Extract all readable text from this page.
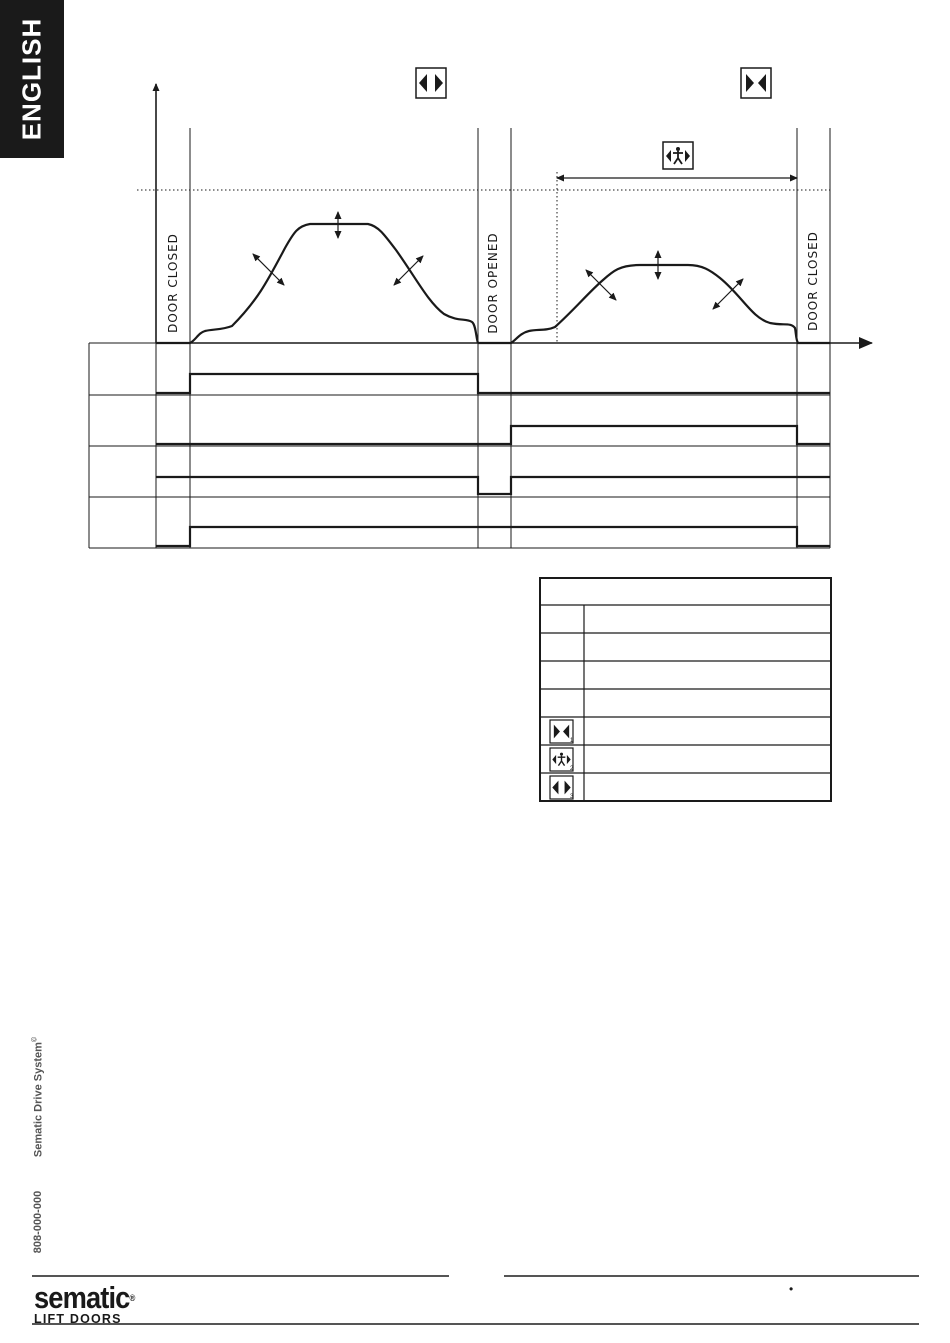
ENGLISH
1
2
3
DOOR CLOSED	DOOR OPENED	DOOR CLOSED
808-000-000
Sematic Drive System©
•
sematic®
LIFT DOORS
